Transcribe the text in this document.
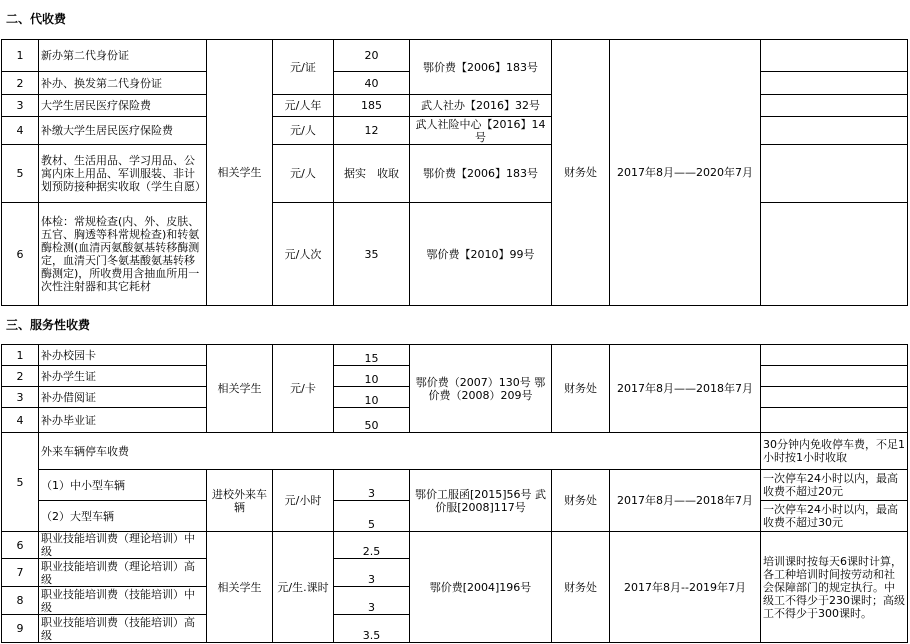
二、代收费
1	新办第二代身份证	相关学生	元/证	20	鄂价费【2006】183号	财务处	2017年8月——2020年7月	
2	补办、换发第二代身份证			40				
3	大学生居民医疗保险费		元/人年	185	武人社办【2016】32号			
4	补缴大学生居民医疗保险费		元/人	12	武人社险中心【2016】14号			
5	教材、生活用品、学习用品、公寓内床上用品、军训服装、非计划预防接种据实收取（学生自愿）		元/人	据实　收取	鄂价费【2006】183号			
6	体检：常规检查(内、外、皮肤、五官、胸透等科常规检查)和转氨酶检测(血清丙氨酸氨基转移酶测定，血清天门冬氨基酸氨基转移酶测定)，所收费用含抽血所用一次性注射器和其它耗材		元/人次	35	鄂价费【2010】99号			
三、服务性收费
1	补办校园卡	相关学生	元/卡	15	鄂价费（2007）130号 鄂价费（2008）209号	财务处	2017年8月——2018年7月	
2	补办学生证			10				
3	补办借阅证			10				
4	补办毕业证			50				
5	外来车辆停车收费							30分钟内免收停车费，不足1小时按1小时收取
	（1）中小型车辆	进校外来车辆	元/小时	3	鄂价工服函[2015]56号 武价服[2008]117号	财务处	2017年8月——2018年7月	一次停车24小时以内，最高收费不超过20元
	（2）大型车辆			5				一次停车24小时以内，最高收费不超过30元
6	职业技能培训费（理论培训）中级	相关学生	元/生.课时	2.5	鄂价费[2004]196号	财务处	2017年8月--2019年7月	培训课时按每天6课时计算，各工种培训时间按劳动和社会保障部门的规定执行。中级工不得少于230课时；高级工不得少于300课时。
7	职业技能培训费（理论培训）高级			3				
8	职业技能培训费（技能培训）中级			3				
9	职业技能培训费（技能培训）高级			3.5				
